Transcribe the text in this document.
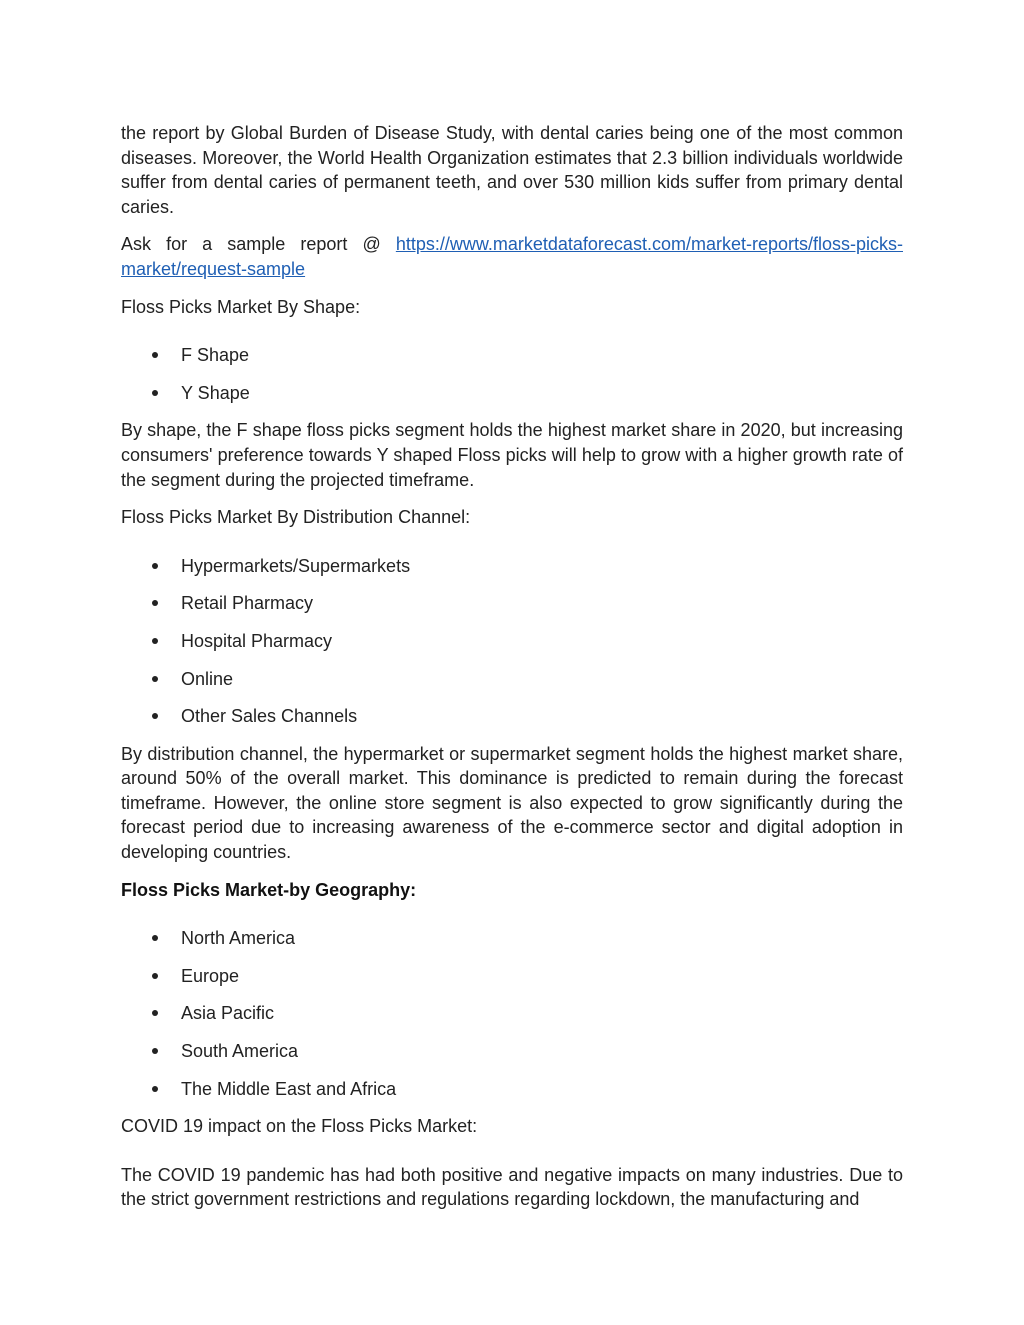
the report by Global Burden of Disease Study, with dental caries being one of the most common diseases. Moreover, the World Health Organization estimates that 2.3 billion individuals worldwide suffer from dental caries of permanent teeth, and over 530 million kids suffer from primary dental caries.

Ask for a sample report @ https://www.marketdataforecast.com/market-reports/floss-picks-market/request-sample

Floss Picks Market By Shape:

F Shape
Y Shape

By shape, the F shape floss picks segment holds the highest market share in 2020, but increasing consumers' preference towards Y shaped Floss picks will help to grow with a higher growth rate of the segment during the projected timeframe.

Floss Picks Market By Distribution Channel:

Hypermarkets/Supermarkets
Retail Pharmacy
Hospital Pharmacy
Online
Other Sales Channels

By distribution channel, the hypermarket or supermarket segment holds the highest market share, around 50% of the overall market. This dominance is predicted to remain during the forecast timeframe. However, the online store segment is also expected to grow significantly during the forecast period due to increasing awareness of the e-commerce sector and digital adoption in developing countries.

Floss Picks Market-by Geography:

North America
Europe
Asia Pacific
South America
The Middle East and Africa

COVID 19 impact on the Floss Picks Market:

The COVID 19 pandemic has had both positive and negative impacts on many industries. Due to the strict government restrictions and regulations regarding lockdown, the manufacturing and
